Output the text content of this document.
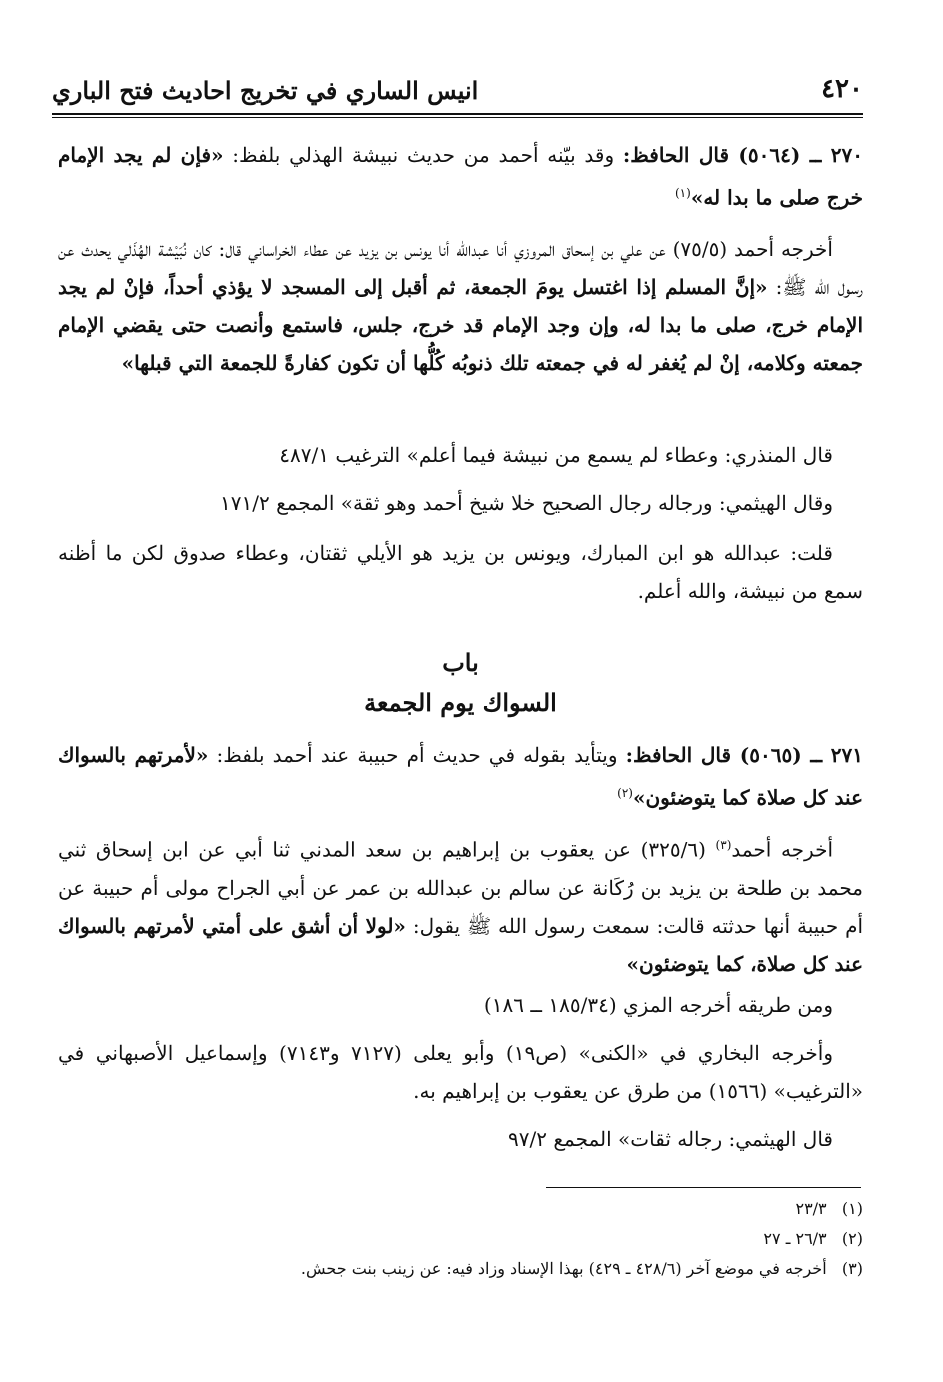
٤٢٠
انيس الساري في تخريج احاديث فتح الباري

٢٧٠ ــ (٥٠٦٤) قال الحافظ: وقد بيّنه أحمد من حديث نبيشة الهذلي بلفظ: «فإن لم يجد الإمام خرج صلى ما بدا له»$^{(١)}$

أخرجه أحمد (٧٥/٥) عن علي بن إسحاق المروزي أنا عبدالله أنا يونس بن يزيد عن عطاء الخراساني قال: كان نُبَيْشة الهُذَلي يحدث عن رسول الله ﷺ: «إنَّ المسلم إذا اغتسل يومَ الجمعة، ثم أقبل إلى المسجد لا يؤذي أحداً، فإنْ لم يجد الإمام خرج، صلى ما بدا له، وإن وجد الإمام قد خرج، جلس، فاستمع وأنصت حتى يقضي الإمام جمعته وكلامه، إنْ لم يُغفر له في جمعته تلك ذنوبُه كُلُّها أن تكون كفارةً للجمعة التي قبلها»

قال المنذري: وعطاء لم يسمع من نبيشة فيما أعلم» الترغيب ٤٨٧/١

وقال الهيثمي: ورجاله رجال الصحيح خلا شيخ أحمد وهو ثقة» المجمع ١٧١/٢

قلت: عبدالله هو ابن المبارك، ويونس بن يزيد هو الأيلي ثقتان، وعطاء صدوق لكن ما أظنه سمع من نبيشة، والله أعلم.

باب
السواك يوم الجمعة

٢٧١ ــ (٥٠٦٥) قال الحافظ: ويتأيد بقوله في حديث أم حبيبة عند أحمد بلفظ: «لأمرتهم بالسواك عند كل صلاة كما يتوضئون»$^{(٢)}$

أخرجه أحمد$^{(٣)}$ (٣٢٥/٦) عن يعقوب بن إبراهيم بن سعد المدني ثنا أبي عن ابن إسحاق ثني محمد بن طلحة بن يزيد بن رُكَانة عن سالم بن عبدالله بن عمر عن أبي الجراح مولى أم حبيبة عن أم حبيبة أنها حدثته قالت: سمعت رسول الله ﷺ يقول: «لولا أن أشق على أمتي لأمرتهم بالسواك عند كل صلاة، كما يتوضئون»

ومن طريقه أخرجه المزي (١٨٥/٣٤ ــ ١٨٦)

وأخرجه البخاري في «الكنى» (ص١٩) وأبو يعلى (٧١٢٧ و٧١٤٣) وإسماعيل الأصبهاني في «الترغيب» (١٥٦٦) من طرق عن يعقوب بن إبراهيم به.

قال الهيثمي: رجاله ثقات» المجمع ٩٧/٢

(١)   ٢٣/٣
(٢)   ٢٦/٣ ـ ٢٧
(٣)   أخرجه في موضع آخر (٤٢٨/٦ ـ ٤٢٩) بهذا الإسناد وزاد فيه: عن زينب بنت جحش.
